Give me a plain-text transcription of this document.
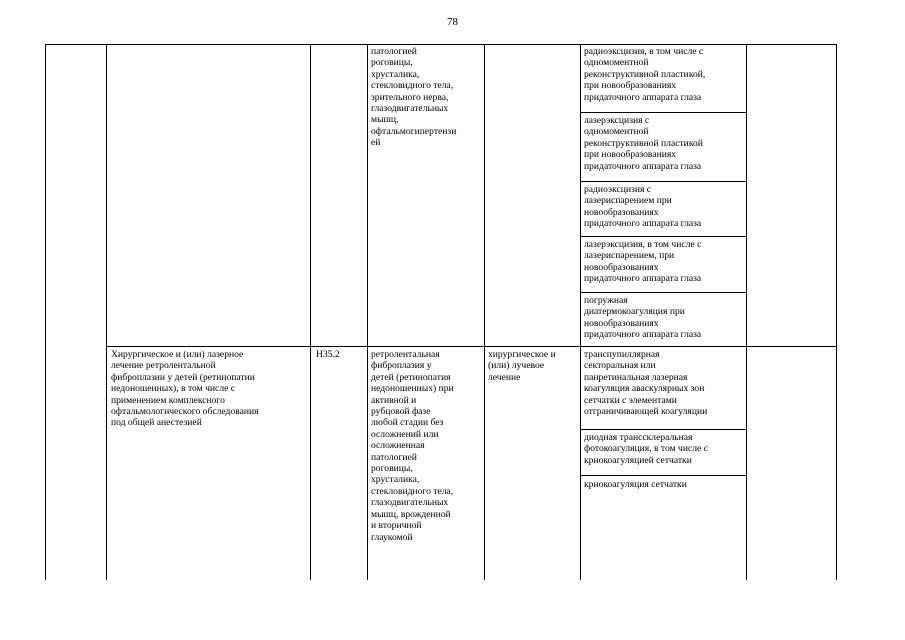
78
патологией
роговицы,
хрусталика,
стекловидного тела,
зрительного нерва,
глазодвигательных
мышц,
офтальмогипертензи
ей
радиоэксцизия, в том числе с
одномоментной
реконструктивной пластикой,
при новообразованиях
придаточного аппарата глаза
лазерэксцизия с
одномоментной
реконструктивной пластикой
при новообразованиях
придаточного аппарата глаза
радиоэксцизия с
лазериспарением при
новообразованиях
придаточного аппарата глаза
лазерэксцизия, в том числе с
лазериспарением, при
новообразованиях
придаточного аппарата глаза
погружная
диатермокоагуляция при
новообразованиях
придаточного аппарата глаза
Хирургическое и (или) лазерное
лечение ретролентальной
фиброплазии у детей (ретинопатии
недоношенных), в том числе с
применением комплексного
офтальмологического обследования
под общей анестезией
H35.2	ретролентальная
фиброплазия у
детей (ретинопатия
недоношенных) при
активной и
рубцовой фазе
любой стадии без
осложнений или
осложненная
патологией
роговицы,
хрусталика,
стекловидного тела,
глазодвигательных
мышц, врожденной
и вторичной
глаукомой
хирургическое и
(или) лучевое
лечение
транспупиллярная
секторальная или
панретинальная лазерная
коагуляция аваскулярных зон
сетчатки с элементами
отграничивающей коагуляции
диодная транссклеральная
фотокоагуляция, в том числе с
криокоагуляцией сетчатки
криокоагуляция сетчатки
